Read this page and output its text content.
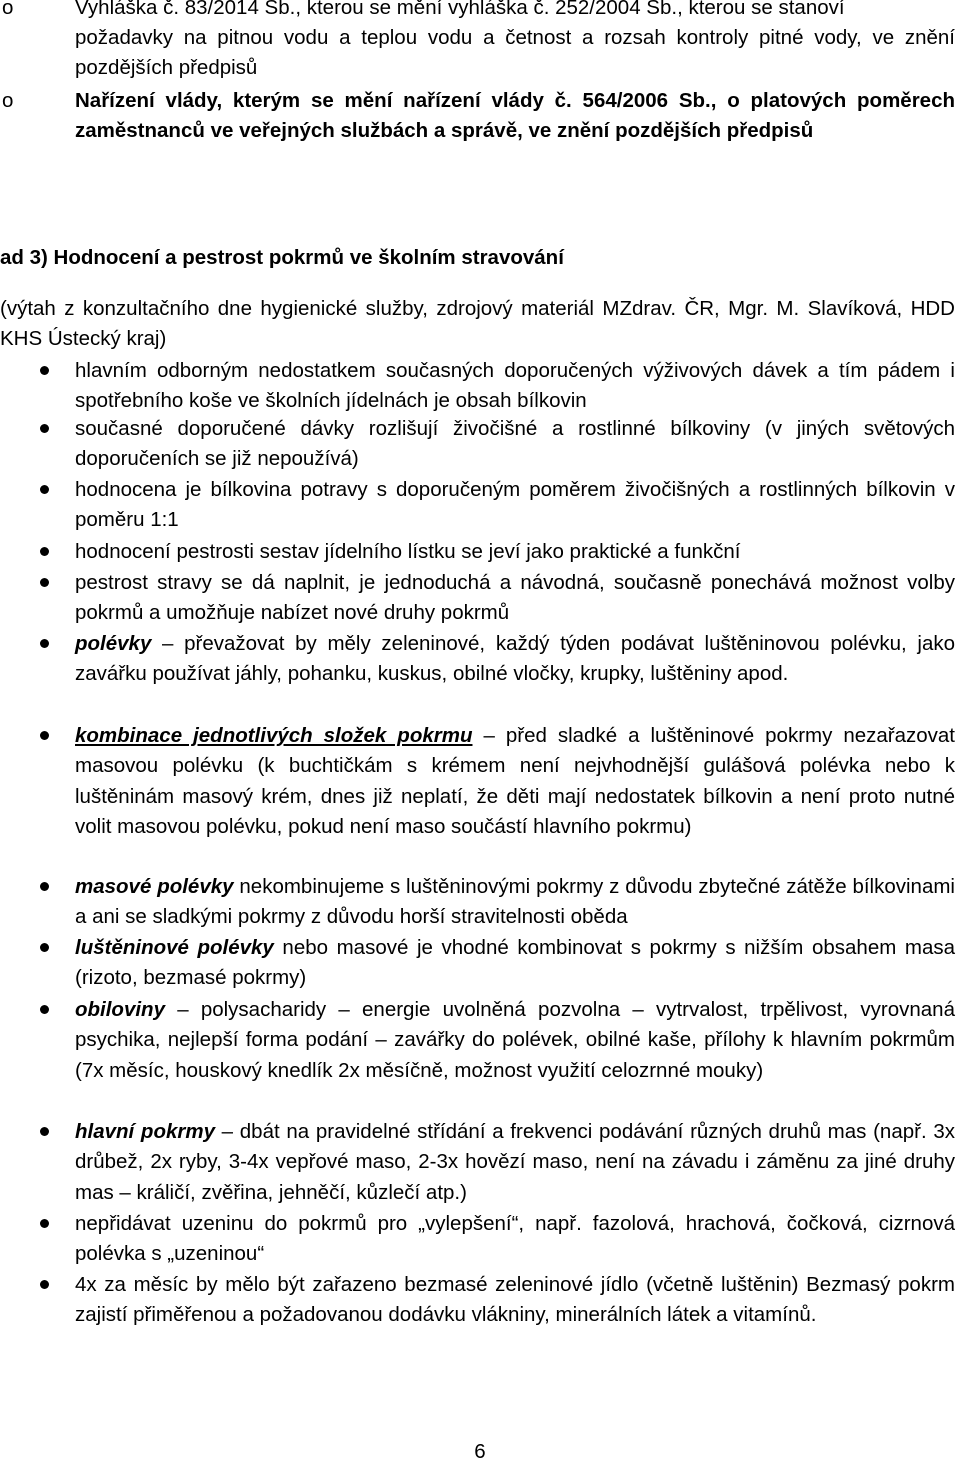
o	Vyhláška č. 83/2014 Sb., kterou se mění vyhláška č. 252/2004 Sb., kterou se stanoví
požadavky na pitnou vodu a teplou vodu a četnost a rozsah kontroly pitné vody, ve znění pozdějších předpisů
o	Nařízení vlády, kterým se mění nařízení vlády č. 564/2006 Sb., o platových poměrech zaměstnanců ve veřejných službách a správě, ve znění pozdějších předpisů
ad 3) Hodnocení a pestrost pokrmů ve školním stravování
(výtah z konzultačního dne hygienické služby, zdrojový materiál MZdrav. ČR, Mgr. M. Slavíková, HDD KHS Ústecký kraj)
hlavním odborným nedostatkem současných doporučených výživových dávek a tím pádem i spotřebního koše ve školních jídelnách je obsah bílkovin
současné doporučené dávky rozlišují živočišné a rostlinné bílkoviny (v jiných světových doporučeních se již nepoužívá)
hodnocena je bílkovina potravy s doporučeným poměrem živočišných a rostlinných bílkovin v poměru 1:1
hodnocení pestrosti sestav jídelního lístku se jeví jako praktické a funkční
pestrost stravy se dá naplnit, je jednoduchá a návodná, současně ponechává možnost volby pokrmů a umožňuje nabízet nové druhy pokrmů
polévky – převažovat by měly zeleninové, každý týden podávat luštěninovou polévku, jako zavářku používat jáhly, pohanku, kuskus, obilné vločky, krupky, luštěniny apod.
kombinace jednotlivých složek pokrmu – před sladké a luštěninové pokrmy nezařazovat masovou polévku (k buchtičkám s krémem není nejvhodnější gulášová polévka nebo k luštěninám masový krém, dnes již neplatí, že děti mají nedostatek bílkovin a není proto nutné volit masovou polévku, pokud není maso součástí hlavního pokrmu)
masové polévky nekombinujeme s luštěninovými pokrmy z důvodu zbytečné zátěže bílkovinami a ani se sladkými pokrmy z důvodu horší stravitelnosti oběda
luštěninové polévky nebo masové je vhodné kombinovat s pokrmy s nižším obsahem masa (rizoto, bezmasé pokrmy)
obiloviny – polysacharidy – energie uvolněná pozvolna – vytrvalost, trpělivost, vyrovnaná psychika, nejlepší forma podání – zavářky do polévek, obilné kaše, přílohy k hlavním pokrmům (7x měsíc, houskový knedlík 2x měsíčně, možnost využití celozrnné mouky)
hlavní pokrmy – dbát na pravidelné střídání a frekvenci podávání různých druhů mas (např. 3x drůbež, 2x ryby, 3-4x vepřové maso, 2-3x hovězí maso, není na závadu i záměnu za jiné druhy mas – králičí, zvěřina, jehněčí, kůzlečí atp.)
nepřidávat uzeninu do pokrmů pro „vylepšení“, např. fazolová, hrachová, čočková, cizrnová polévka s „uzeninou“
4x za měsíc by mělo být zařazeno bezmasé zeleninové jídlo (včetně luštěnin) Bezmasý pokrm zajistí přiměřenou a požadovanou dodávku vlákniny, minerálních látek a vitamínů.
6
